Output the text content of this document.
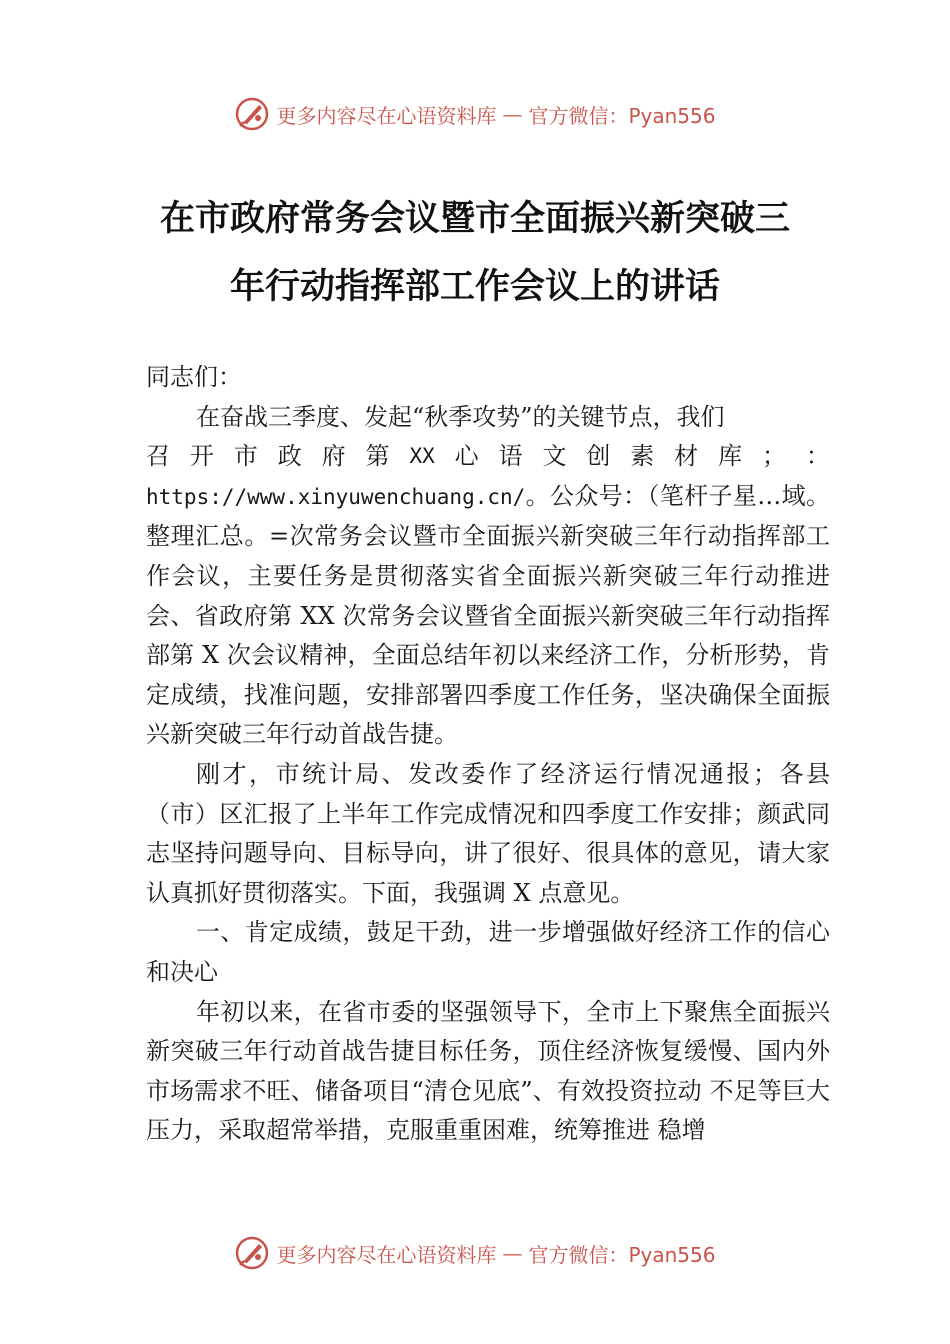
更多内容尽在心语资料库 — 官方微信：Pyan556
在市政府常务会议暨市全面振兴新突破三
年行动指挥部工作会议上的讲话

同志们：

在奋战三季度、发起“秋季攻势”的关键节点，我们

召 开 市 政 府 第 XX 心 语 文 创 素 材 库 ； ：

https://www.xinyuwenchuang.cn/。公众号：（笔杆子星…域。整理汇总。=次常务会议暨市全面振兴新突破三年行动指挥部工作会议，主要任务是贯彻落实省全面振兴新突破三年行动推进会、省政府第 XX 次常务会议暨省全面振兴新突破三年行动指挥部第 X 次会议精神，全面总结年初以来经济工作，分析形势，肯定成绩，找准问题，安排部署四季度工作任务，坚决确保全面振兴新突破三年行动首战告捷。

刚才，市统计局、发改委作了经济运行情况通报；各县（市）区汇报了上半年工作完成情况和四季度工作安排；颜武同志坚持问题导向、目标导向，讲了很好、很具体的意见，请大家认真抓好贯彻落实。下面，我强调 X 点意见。

一、肯定成绩，鼓足干劲，进一步增强做好经济工作的信心和决心

年初以来，在省市委的坚强领导下，全市上下聚焦全面振兴新突破三年行动首战告捷目标任务，顶住经济恢复缓慢、国内外市场需求不旺、储备项目“清仓见底”、有效投资拉动 不足等巨大压力，采取超常举措，克服重重困难，统筹推进 稳增

更多内容尽在心语资料库 — 官方微信：Pyan556
